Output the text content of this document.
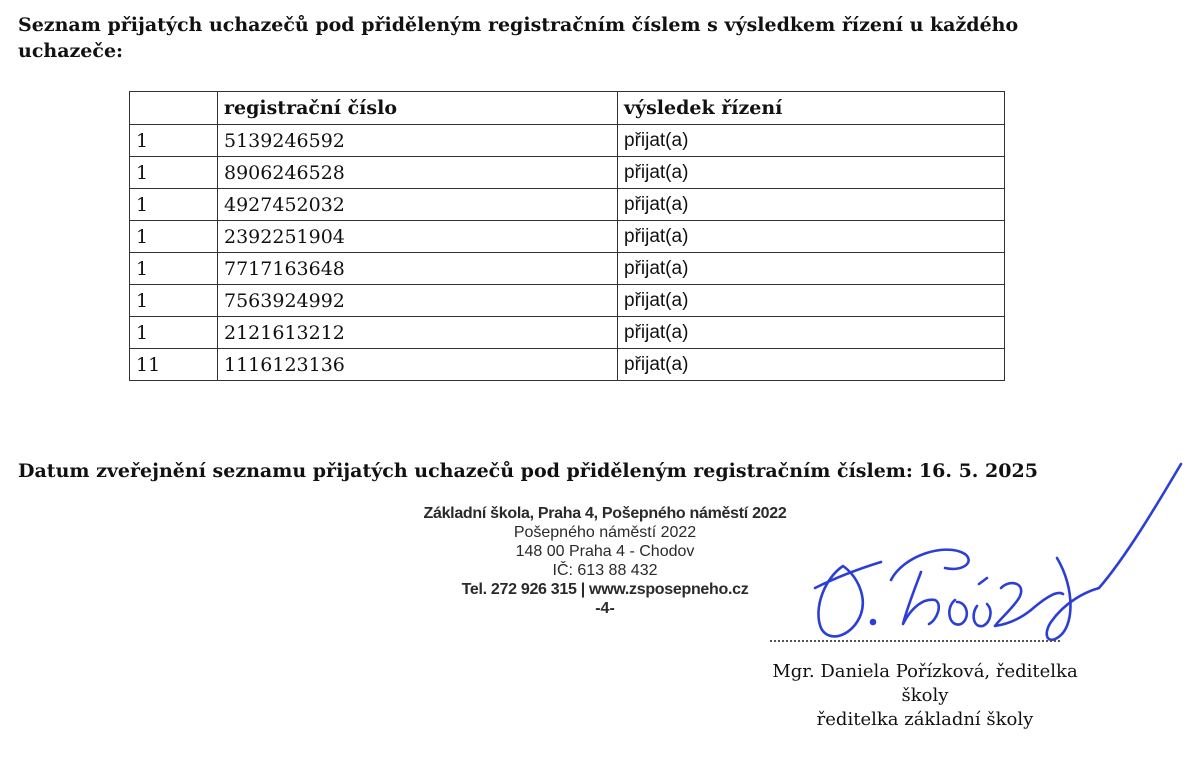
Seznam přijatých uchazečů pod přiděleným registračním číslem s výsledkem řízení u každého
uchazeče:
	registrační číslo	výsledek řízení
1	5139246592	přijat(a)
1	8906246528	přijat(a)
1	4927452032	přijat(a)
1	2392251904	přijat(a)
1	7717163648	přijat(a)
1	7563924992	přijat(a)
1	2121613212	přijat(a)
11	1116123136	přijat(a)
Datum zveřejnění seznamu přijatých uchazečů pod přiděleným registračním číslem: 16. 5. 2025
Základní škola, Praha 4, Pošepného náměstí 2022
Pošepného náměstí 2022
148 00 Praha 4 - Chodov
IČ: 613 88 432
Tel. 272 926 315 | www.zsposepneho.cz
-4-
Mgr. Daniela Pořízková, ředitelka
školy
ředitelka základní školy
